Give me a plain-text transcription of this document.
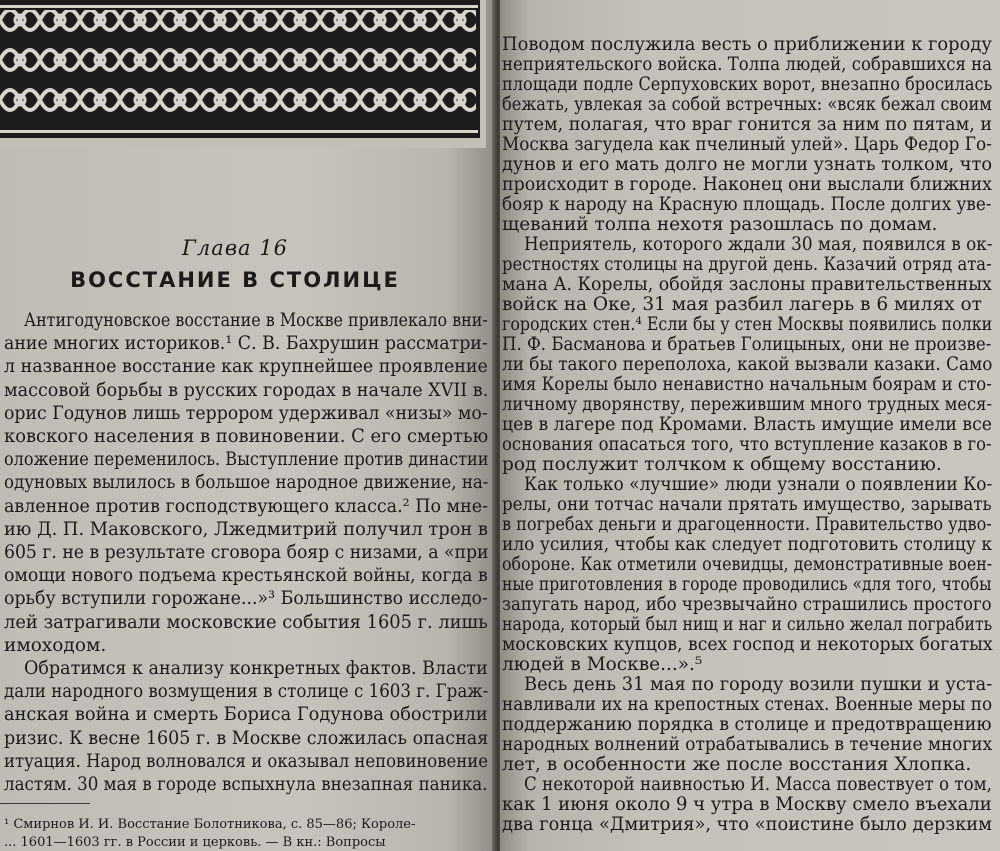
Глава 16
ВОССТАНИЕ В СТОЛИЦЕ
Антигодуновское восстание в Москве привлекало вни-
ание многих историков.¹ С. В. Бахрушин рассматри-
л названное восстание как крупнейшее проявление
массовой борьбы в русских городах в начале XVII в.
орис Годунов лишь террором удерживал «низы» мо-
ковского населения в повиновении. С его смертью
оложение переменилось. Выступление против династии
одуновых вылилось в большое народное движение, на-
авленное против господствующего класса.² По мне-
ию Д. П. Маковского, Лжедмитрий получил трон в
605 г. не в результате сговора бояр с низами, а «при
омощи нового подъема крестьянской войны, когда в
орьбу вступили горожане...»³ Большинство исследо-
лей затрагивали московские события 1605 г. лишь
имоходом.
Обратимся к анализу конкретных фактов. Власти
дали народного возмущения в столице с 1603 г. Граж-
анская война и смерть Бориса Годунова обострили
ризис. К весне 1605 г. в Москве сложилась опасная
итуация. Народ волновался и оказывал неповиновение
ластям. 30 мая в городе вспыхнула внезапная паника.
¹ Смирнов И. И. Восстание Болотникова, с. 85—86; Короле-
... 1601—1603 гг. в России и церковь. — В кн.: Вопросы
Поводом послужила весть о приближении к городу
неприятельского войска. Толпа людей, собравшихся на
площади подле Серпуховских ворот, внезапно бросилась
бежать, увлекая за собой встречных: «всяк бежал своим
путем, полагая, что враг гонится за ним по пятам, и
Москва загудела как пчелиный улей». Царь Федор Го-
дунов и его мать долго не могли узнать толком, что
происходит в городе. Наконец они выслали ближних
бояр к народу на Красную площадь. После долгих уве-
щеваний толпа нехотя разошлась по домам.
Неприятель, которого ждали 30 мая, появился в ок-
рестностях столицы на другой день. Казачий отряд ата-
мана А. Корелы, обойдя заслоны правительственных
войск на Оке, 31 мая разбил лагерь в 6 милях от
городских стен.⁴ Если бы у стен Москвы появились полки
П. Ф. Басманова и братьев Голицыных, они не произве-
ли бы такого переполоха, какой вызвали казаки. Само
имя Корелы было ненавистно начальным боярам и сто-
личному дворянству, пережившим много трудных меся-
цев в лагере под Кромами. Власть имущие имели все
основания опасаться того, что вступление казаков в го-
род послужит толчком к общему восстанию.
Как только «лучшие» люди узнали о появлении Ко-
релы, они тотчас начали прятать имущество, зарывать
в погребах деньги и драгоценности. Правительство удво-
ило усилия, чтобы как следует подготовить столицу к
обороне. Как отметили очевидцы, демонстративные воен-
ные приготовления в городе проводились «для того, чтобы
запугать народ, ибо чрезвычайно страшились простого
народа, который был нищ и наг и сильно желал пограбить
московских купцов, всех господ и некоторых богатых
людей в Москве...».⁵
Весь день 31 мая по городу возили пушки и уста-
навливали их на крепостных стенах. Военные меры по
поддержанию порядка в столице и предотвращению
народных волнений отрабатывались в течение многих
лет, в особенности же после восстания Хлопка.
С некоторой наивностью И. Масса повествует о том,
как 1 июня около 9 ч утра в Москву смело въехали
два гонца «Дмитрия», что «поистине было дерзким
